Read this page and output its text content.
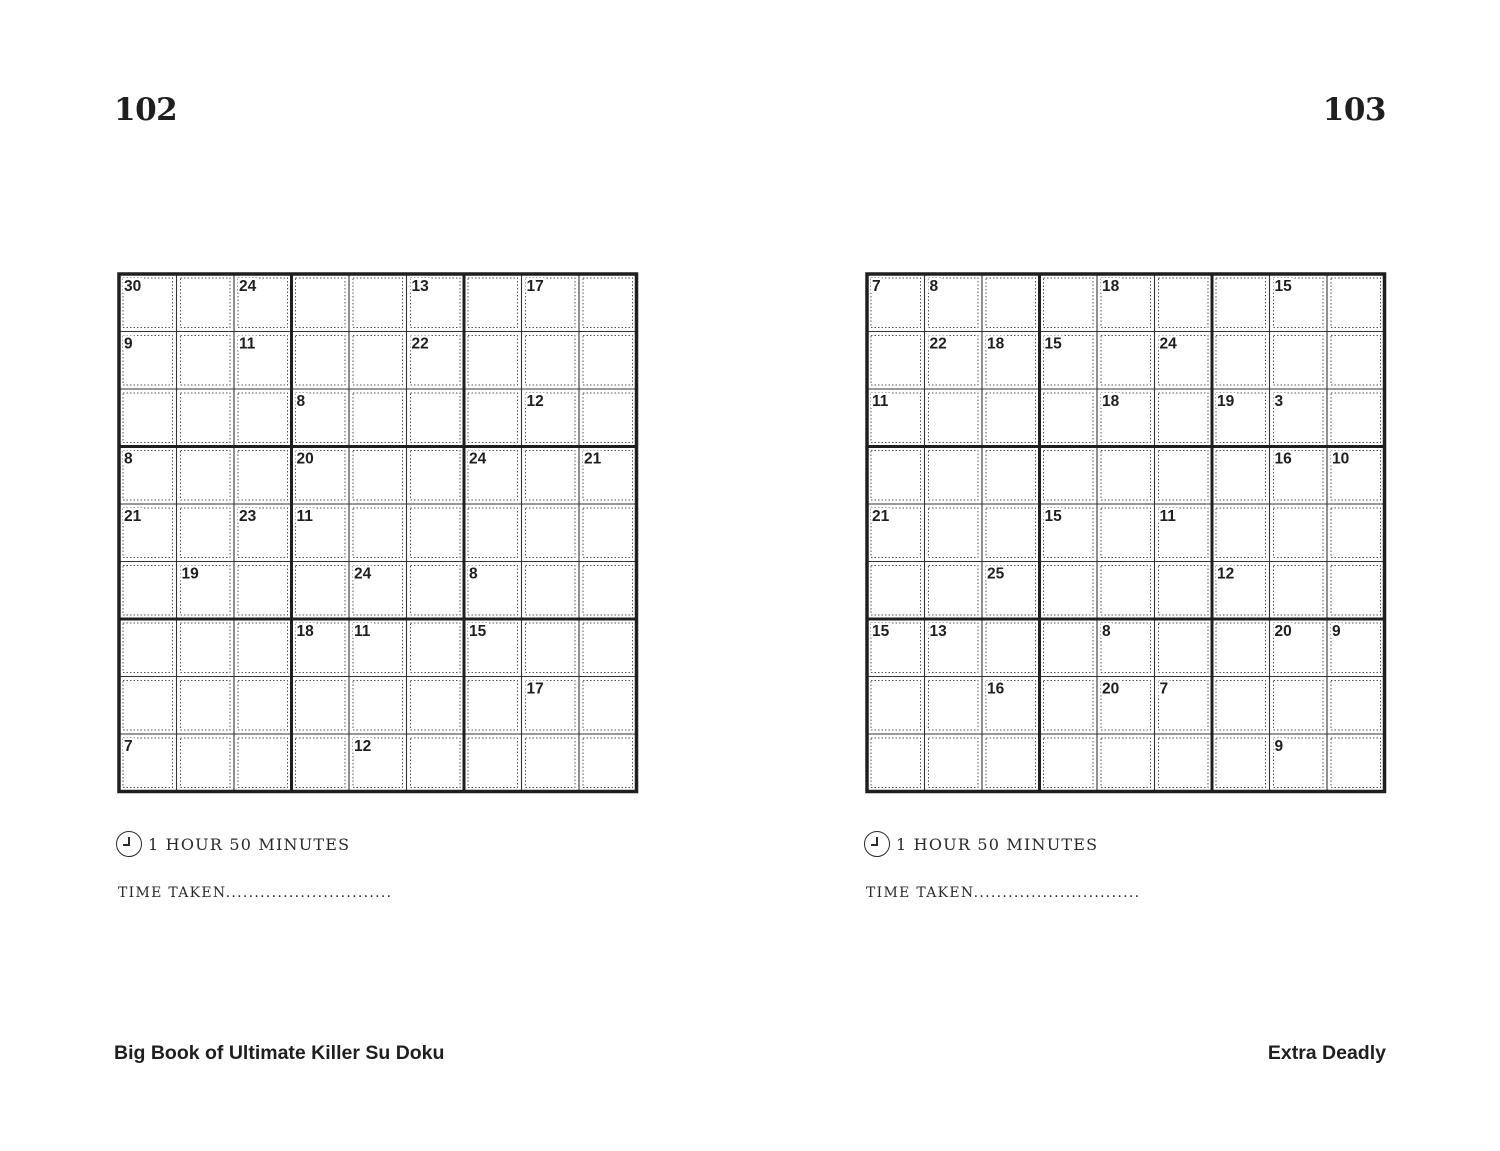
102	103
30	24	13	17
9	11	22
8	12
8	20	24	21
21	23	11
19	24	8
18	11	15
17
7	12
7	8	18	15
22	18	15	24
11	18	19	3
16	10
21	15	11
25	12
15	13	8	20	9
16	20	7
9
1 HOUR 50 MINUTES	1 HOUR 50 MINUTES
TIME TAKEN.............................	TIME TAKEN.............................
Big Book of Ultimate Killer Su Doku	Extra Deadly
